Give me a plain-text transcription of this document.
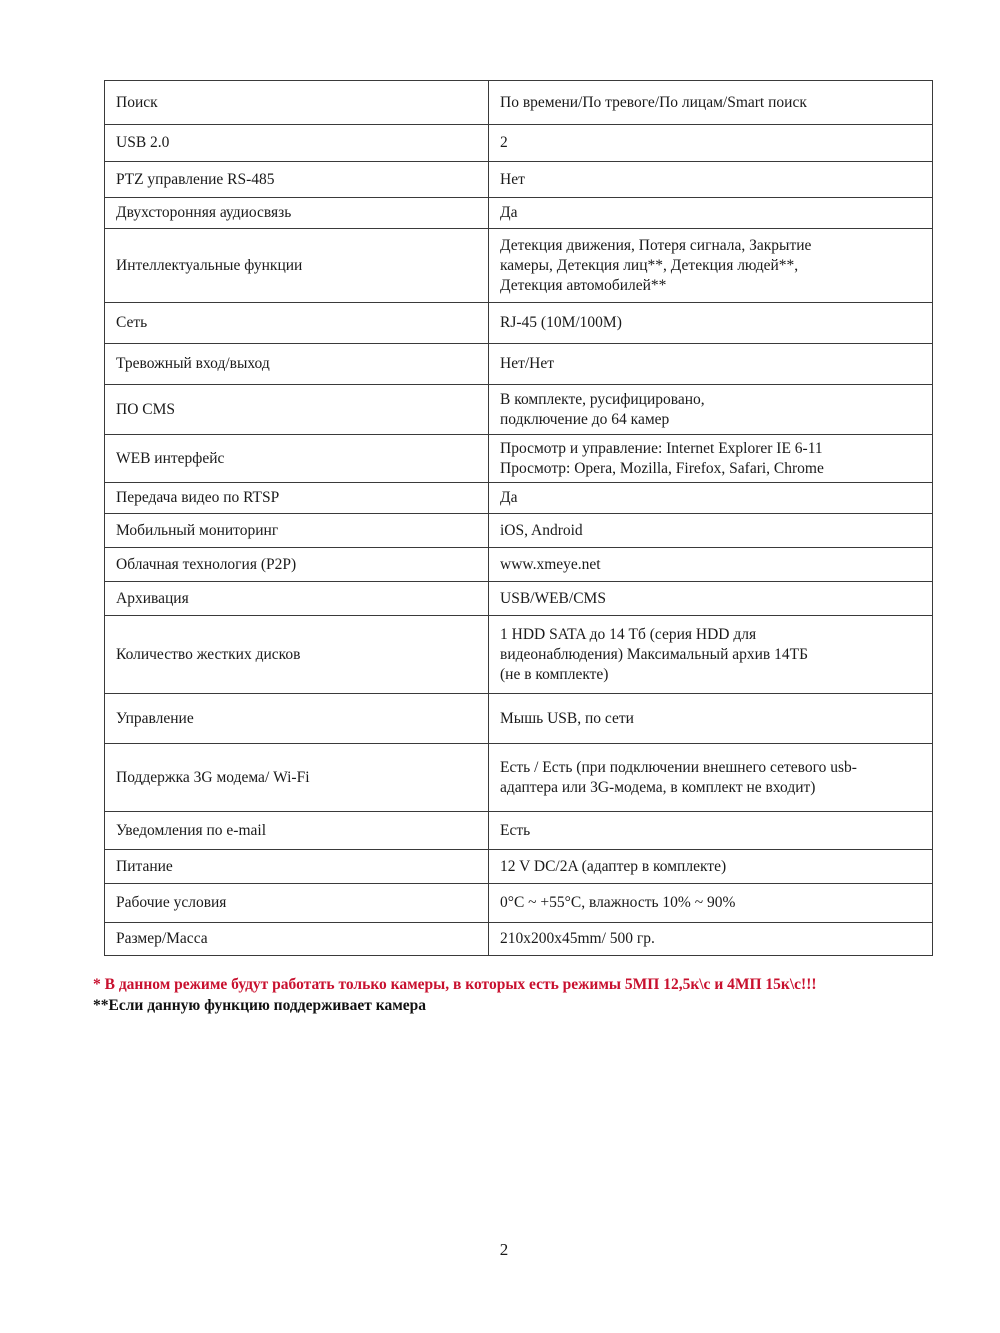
Поиск	По времени/По тревоге/По лицам/Smart поиск
USB 2.0	2
PTZ управление RS-485	Нет
Двухсторонняя аудиосвязь	Да
Интеллектуальные функции	Детекция движения, Потеря сигнала, Закрытие
камеры, Детекция лиц**, Детекция людей**,
Детекция автомобилей**
Сеть	RJ-45 (10M/100M)
Тревожный вход/выход	Нет/Нет
ПО CMS	В комплекте, русифицировано,
подключение до 64 камер
WEB интерфейс	Просмотр и управление: Internet Explorer IE 6-11
Просмотр: Opera, Mozilla, Firefox, Safari, Chrome
Передача видео по RTSP	Да
Мобильный мониторинг	iOS, Android
Облачная технология (P2P)	www.xmeye.net
Архивация	USB/WEB/CMS
Количество жестких дисков	1 HDD SATA до 14 Тб (серия HDD для
видеонаблюдения) Максимальный архив 14ТБ
(не в комплекте)
Управление	Мышь USB, по сети
Поддержка 3G модема/ Wi-Fi	Есть / Есть (при подключении внешнего сетевого usb-
адаптера или 3G-модема, в комплект не входит)
Уведомления по e-mail	Есть
Питание	12 V DC/2A (адаптер в комплекте)
Рабочие условия	0°C ~ +55°C, влажность 10% ~ 90%
Размер/Масса	210x200x45mm/ 500 гр.
* В данном режиме будут работать только камеры, в которых есть режимы 5МП 12,5к\с и 4МП 15к\с!!!
**Если данную функцию поддерживает камера
2
